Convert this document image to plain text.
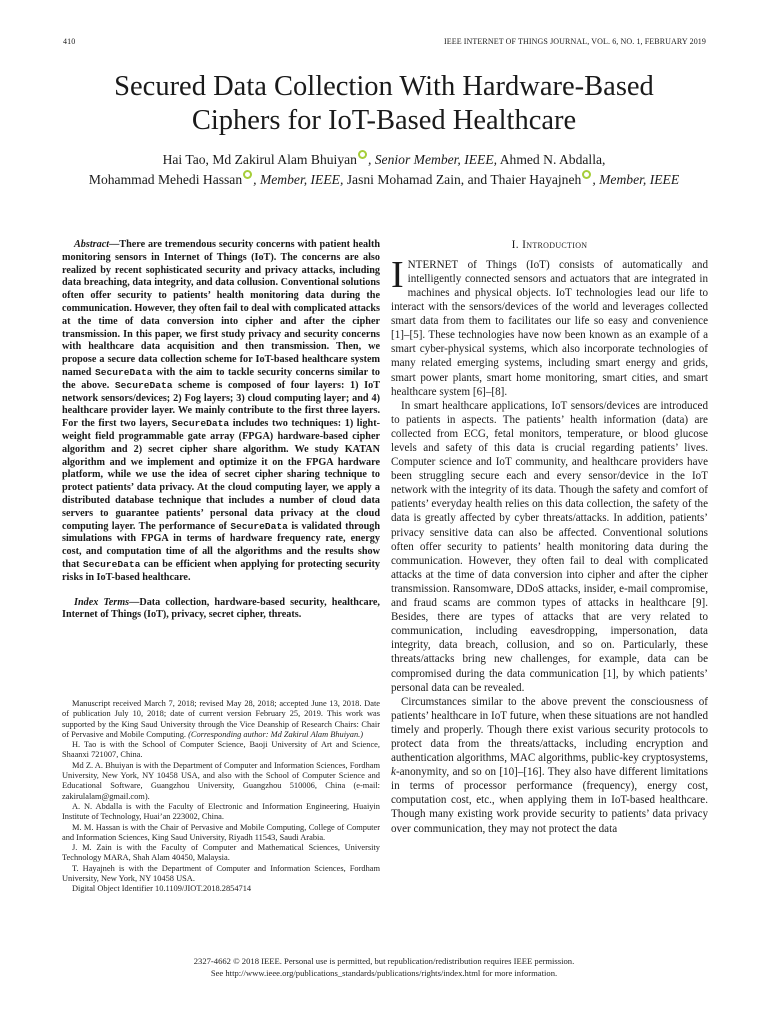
410	IEEE INTERNET OF THINGS JOURNAL, VOL. 6, NO. 1, FEBRUARY 2019
Secured Data Collection With Hardware-Based
Ciphers for IoT-Based Healthcare
Hai Tao, Md Zakirul Alam Bhuiyan , Senior Member, IEEE, Ahmed N. Abdalla,
Mohammad Mehedi Hassan , Member, IEEE, Jasni Mohamad Zain, and Thaier Hayajneh , Member, IEEE

Abstract—There are tremendous security concerns with patient health monitoring sensors in Internet of Things (IoT). The concerns are also realized by recent sophisticated security and privacy attacks, including data breaching, data integrity, and data collusion. Conventional solutions often offer security to patients’ health monitoring data during the communication. However, they often fail to deal with complicated attacks at the time of data conversion into cipher and after the cipher transmission. In this paper, we first study privacy and security concerns with healthcare data acquisition and then transmission. Then, we propose a secure data collection scheme for IoT-based healthcare system named SecureData with the aim to tackle security concerns similar to the above. SecureData scheme is composed of four layers: 1) IoT network sensors/devices; 2) Fog layers; 3) cloud computing layer; and 4) healthcare provider layer. We mainly contribute to the first three layers. For the first two layers, SecureData includes two techniques: 1) light-weight field programmable gate array (FPGA) hardware-based cipher algorithm and 2) secret cipher share algorithm. We study KATAN algorithm and we implement and optimize it on the FPGA hardware platform, while we use the idea of secret cipher sharing technique to protect patients’ data privacy. At the cloud computing layer, we apply a distributed database technique that includes a number of cloud data servers to guarantee patients’ personal data privacy at the cloud computing layer. The performance of SecureData is validated through simulations with FPGA in terms of hardware frequency rate, energy cost, and computation time of all the algorithms and the results show that SecureData can be efficient when applying for protecting security risks in IoT-based healthcare.

Index Terms—Data collection, hardware-based security, healthcare, Internet of Things (IoT), privacy, secret cipher, threats.

Manuscript received March 7, 2018; revised May 28, 2018; accepted June 13, 2018. Date of publication July 10, 2018; date of current version February 25, 2019. This work was supported by the King Saud University through the Vice Deanship of Research Chairs: Chair of Pervasive and Mobile Computing. (Corresponding author: Md Zakirul Alam Bhuiyan.)

H. Tao is with the School of Computer Science, Baoji University of Art and Science, Shaanxi 721007, China.

Md Z. A. Bhuiyan is with the Department of Computer and Information Sciences, Fordham University, New York, NY 10458 USA, and also with the School of Computer Science and Educational Software, Guangzhou University, Guangzhou 510006, China (e-mail: zakirulalam@gmail.com).

A. N. Abdalla is with the Faculty of Electronic and Information Engineering, Huaiyin Institute of Technology, Huai’an 223002, China.

M. M. Hassan is with the Chair of Pervasive and Mobile Computing, College of Computer and Information Sciences, King Saud University, Riyadh 11543, Saudi Arabia.

J. M. Zain is with the Faculty of Computer and Mathematical Sciences, University Technology MARA, Shah Alam 40450, Malaysia.

T. Hayajneh is with the Department of Computer and Information Sciences, Fordham University, New York, NY 10458 USA.

Digital Object Identifier 10.1109/JIOT.2018.2854714

I. Introduction

INTERNET of Things (IoT) consists of automatically and intelligently connected sensors and actuators that are integrated in machines and physical objects. IoT technologies lead our life to interact with the sensors/devices of the world and leverages collected smart data from them to facilitates our life so easy and convenience [1]–[5]. These technologies have now been known as an example of a smart cyber-physical systems, which also incorporate technologies of many related emerging systems, including smart energy and grids, smart power plants, smart home monitoring, smart cities, and smart healthcare system [6]–[8].

In smart healthcare applications, IoT sensors/devices are introduced to patients in aspects. The patients’ health information (data) are collected from ECG, fetal monitors, temperature, or blood glucose levels and safety of this data is crucial regarding patients’ lives. Computer science and IoT community, and healthcare providers have been struggling secure each and every sensor/device in the IoT network with the integrity of its data. Though the safety and comfort of patients’ everyday health relies on this data collection, the safety of the data is greatly affected by cyber threats/attacks. In addition, patients’ privacy sensitive data can also be affected. Conventional solutions often offer security to patients’ health monitoring data during the communication. However, they often fail to deal with complicated attacks at the time of data conversion into cipher and after the cipher transmission. Ransomware, DDoS attacks, insider, e-mail compromise, and fraud scams are common types of attacks in healthcare [9]. Besides, there are types of attacks that are very related to communication, including eavesdropping, impersonation, data integrity, data breach, collusion, and so on. Particularly, these threats/attacks bring new challenges, for example, data can be compromised during the data communication [1], by which patients’ personal data can be revealed.

Circumstances similar to the above prevent the consciousness of patients’ healthcare in IoT future, when these situations are not handled timely and properly. Though there exist various security protocols to protect data from the threats/attacks, including encryption and authentication algorithms, MAC algorithms, public-key cryptosystems, k-anonymity, and so on [10]–[16]. They also have different limitations in terms of processor performance (frequency), energy cost, computation cost, etc., when applying them in IoT-based healthcare. Though many existing work provide security to patients’ data privacy over communication, they may not protect the data

2327-4662 © 2018 IEEE. Personal use is permitted, but republication/redistribution requires IEEE permission.
See http://www.ieee.org/publications_standards/publications/rights/index.html for more information.
